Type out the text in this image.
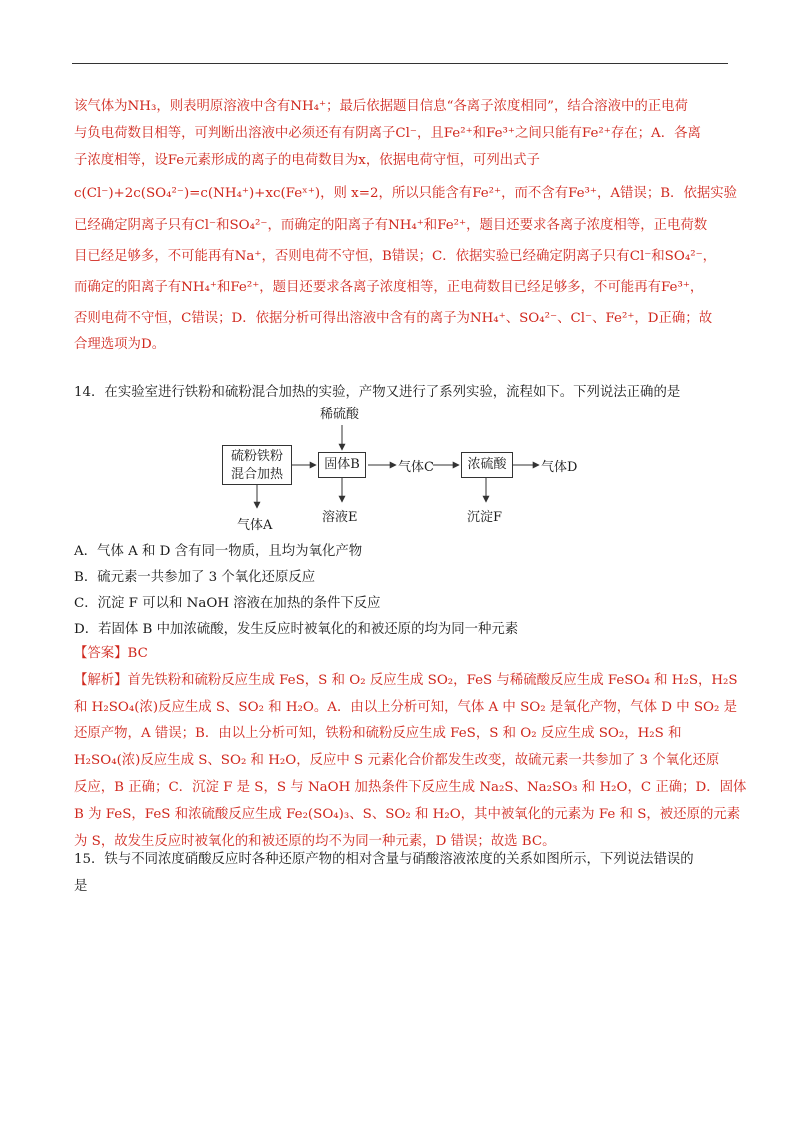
该气体为NH₃，则表明原溶液中含有NH₄⁺；最后依据题目信息“各离子浓度相同”，结合溶液中的正电荷
与负电荷数目相等，可判断出溶液中必须还有有阴离子Cl⁻，且Fe²⁺和Fe³⁺之间只能有Fe²⁺存在；A．各离
子浓度相等，设Fe元素形成的离子的电荷数目为x，依据电荷守恒，可列出式子
c(Cl⁻)+2c(SO₄²⁻)=c(NH₄⁺)+xc(Feˣ⁺)，则 x=2，所以只能含有Fe²⁺，而不含有Fe³⁺，A错误；B．依据实验
已经确定阴离子只有Cl⁻和SO₄²⁻，而确定的阳离子有NH₄⁺和Fe²⁺，题目还要求各离子浓度相等，正电荷数
目已经足够多，不可能再有Na⁺，否则电荷不守恒，B错误；C．依据实验已经确定阴离子只有Cl⁻和SO₄²⁻，
而确定的阳离子有NH₄⁺和Fe²⁺，题目还要求各离子浓度相等，正电荷数目已经足够多，不可能再有Fe³⁺，
否则电荷不守恒，C错误；D．依据分析可得出溶液中含有的离子为NH₄⁺、SO₄²⁻、Cl⁻、Fe²⁺，D正确；故
合理选项为D。
14．在实验室进行铁粉和硫粉混合加热的实验，产物又进行了系列实验，流程如下。下列说法正确的是
稀硫酸
硫粉铁粉
混合加热
固体B	气体C	浓硫酸	气体D
气体A
溶液E	沉淀F
A．气体 A 和 D 含有同一物质，且均为氧化产物
B．硫元素一共参加了 3 个氧化还原反应
C．沉淀 F 可以和 NaOH 溶液在加热的条件下反应
D．若固体 B 中加浓硫酸，发生反应时被氧化的和被还原的均为同一种元素
【答案】BC
【解析】首先铁粉和硫粉反应生成 FeS，S 和 O₂ 反应生成 SO₂，FeS 与稀硫酸反应生成 FeSO₄ 和 H₂S，H₂S
和 H₂SO₄(浓)反应生成 S、SO₂ 和 H₂O。A．由以上分析可知，气体 A 中 SO₂ 是氧化产物，气体 D 中 SO₂ 是
还原产物，A 错误；B．由以上分析可知，铁粉和硫粉反应生成 FeS，S 和 O₂ 反应生成 SO₂，H₂S 和
H₂SO₄(浓)反应生成 S、SO₂ 和 H₂O，反应中 S 元素化合价都发生改变，故硫元素一共参加了 3 个氧化还原
反应，B 正确；C．沉淀 F 是 S，S 与 NaOH 加热条件下反应生成 Na₂S、Na₂SO₃ 和 H₂O，C 正确；D．固体
B 为 FeS，FeS 和浓硫酸反应生成 Fe₂(SO₄)₃、S、SO₂ 和 H₂O，其中被氧化的元素为 Fe 和 S，被还原的元素
为 S，故发生反应时被氧化的和被还原的均不为同一种元素，D 错误；故选 BC。
15．铁与不同浓度硝酸反应时各种还原产物的相对含量与硝酸溶液浓度的关系如图所示，下列说法错误的
是
